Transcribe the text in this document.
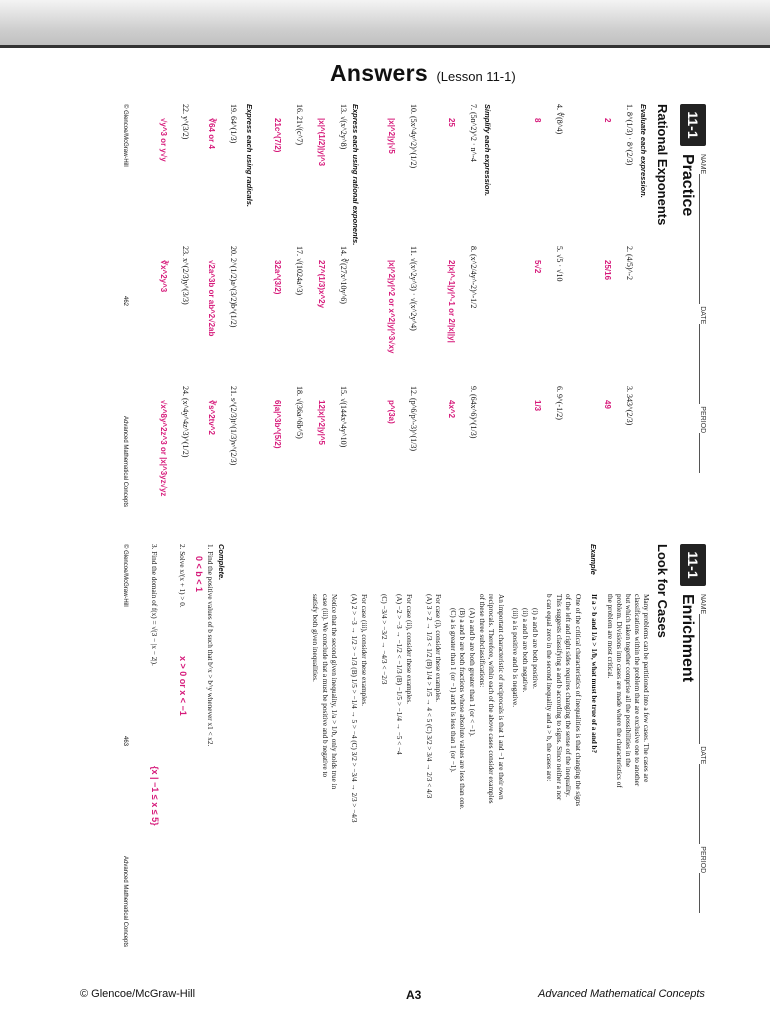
Answers (Lesson 11-1)
11-1
NAME DATE PERIOD
Practice
Rational Exponents
Evaluate each expression.
Simplify each expression.
Express each using rational exponents.
Express each using radicals.	1. 8^(1/3) · 8^(2/3)
2
2. (4/5)^-2
25/16
3. 343^(2/3)
49
4. ∜(8^4)
8
5. √5 · √10
5√2
6. 9^(-1/2)
1/3
7. (5n^2)^2 · n^-4
25
8. (x^2/4y^-2)^-1/2
2|x|^-1|y|^-1 or 2/|x||y|
9. (64x^6)^(1/3)
4x^2
10. (5x^4y^2)^(1/2)
|x|^2|y|√5
11. √(x^2y^3) · √(x^2y^4)
|x|^2|y|^2 or x^2|y|^3√xy
12. (p^6/p^-3)^(1/3)
p^(3a)
13. √(x^2y^8)
|x|^(1/2)|y|^3
14. ∛(27x^10y^6)
27^(1/3)x^2y
15. √(144x^4y^10)
12|x|^2|y|^5
16. 21√(c^7)
21c^(7/2)
17. √(1024a^3)
32a^(3/2)
18. √(36a^6b^5)
6|a|^3b^(5/2)
19. 64^(1/3)
∛64 or 4
20. 2^(1/2)a^(3/2)b^(1/2)
√2a^3b or ab^2√2ab
21. s^(2/3)t^(1/3)v^(2/3)
∛s^2tv^2
22. y^(3/2)
√y^3 or y√y
23. x^(2/3)y^(3/3)
∛x^2y^3
24. (x^4y^4z^3)^(1/2)
√x^8y^2z^3 or |x|^3yz√yz
© Glencoe/McGraw-Hill
462
Advanced Mathematical Concepts
11-1
NAME DATE PERIOD
Enrichment
Look for Cases
Many problems can be partitioned into a few cases. The cases are
classifications within the problem that are exclusive one to another
but which taken together comprise all the possibilities in the
problem. Divisions into cases are made where the characteristics of
the problem are most critical.
Example
If a > b and 1/a > 1/b, what must be true of a and b?
One of the critical characteristics of inequalities is that changing the signs
of the left and right sides requires changing the sense of the inequality.
This suggests classifying a and b according to signs. Since neither a nor
b can equal zero in the second inequality and a > b, the cases are:
(i) a and b are both positive.
(ii) a and b are both negative.
(iii) a is positive and b is negative.
An important characteristic of reciprocals is that 1 and −1 are their own
reciprocals. Therefore, within each of the above cases consider examples
of these three subclassifications:
(A) a and b are both greater than 1 (or < −1).
(B) a and b are both fractions whose absolute values are less than one.
(C) a is greater than 1 (or −1) and b is less than 1 (or −1).
For case (i), consider these examples.
(A) 3 > 2 → 1/3 < 1/2 (B) 1/4 > 1/5 → 4 < 5 (C) 3/2 > 3/4 → 2/3 < 4/3
For case (ii), consider these examples.
(A) −2 > −3 → −1/2 < −1/3 (B) −1/5 > −1/4 → −5 < −4
(C) −3/4 > −3/2 → −4/3 < −2/3
For case (iii), consider these examples.
(A) 2 > −3 → 1/2 > −1/3 (B) 1/5 > −1/4 → 5 > −4 (C) 3/2 > −3/4 → 2/3 > −4/3
Notice that the second given inequality, 1/a > 1/b, only holds true in
case (iii). We conclude that a must be positive and b negative to
satisfy both given inequalities.
Complete.
1. Find the positive values of b such that b^x > b^y whenever x1 < x2.
0 < b < 1
2. Solve x/(x + 1) > 0.
x > 0 or x < −1
3. Find the domain of f(x) = √(3 − |x − 2|).
{x | −1 ≤ x ≤ 5}
© Glencoe/McGraw-Hill
463
Advanced Mathematical Concepts
© Glencoe/McGraw-Hill	A3	Advanced Mathematical Concepts
